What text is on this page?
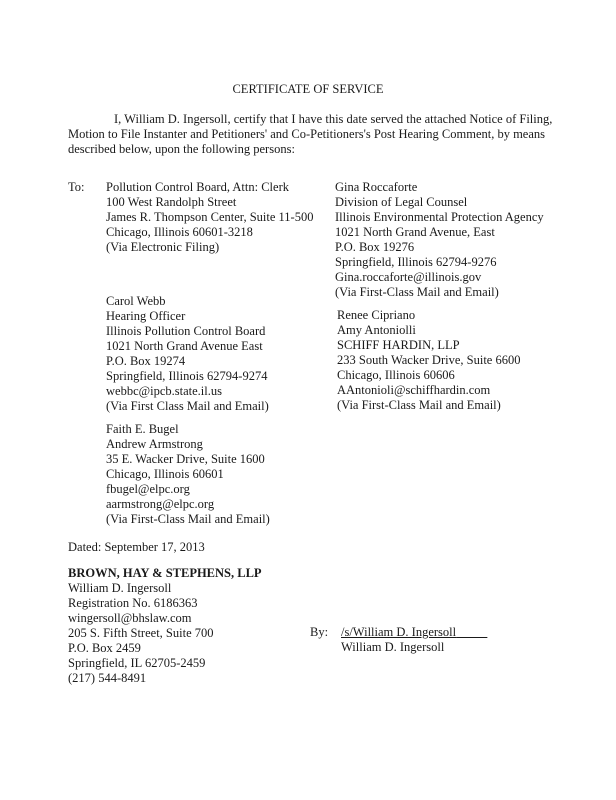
CERTIFICATE OF SERVICE
I, William D. Ingersoll, certify that I have this date served the attached Notice of Filing,
Motion to File Instanter and Petitioners' and Co-Petitioners's Post Hearing Comment, by means
described below, upon the following persons:
To: Pollution Control Board, Attn: Clerk
100 West Randolph Street
James R. Thompson Center, Suite 11-500
Chicago, Illinois 60601-3218
(Via Electronic Filing)
Gina Roccaforte
Division of Legal Counsel
Illinois Environmental Protection Agency
1021 North Grand Avenue, East
P.O. Box 19276
Springfield, Illinois 62794-9276
Gina.roccaforte@illinois.gov
(Via First-Class Mail and Email)
Carol Webb
Hearing Officer
Illinois Pollution Control Board
1021 North Grand Avenue East
P.O. Box 19274
Springfield, Illinois 62794-9274
webbc@ipcb.state.il.us
(Via First Class Mail and Email)
Renee Cipriano
Amy Antoniolli
SCHIFF HARDIN, LLP
233 South Wacker Drive, Suite 6600
Chicago, Illinois 60606
AAntonioli@schiffhardin.com
(Via First-Class Mail and Email)
Faith E. Bugel
Andrew Armstrong
35 E. Wacker Drive, Suite 1600
Chicago, Illinois 60601
fbugel@elpc.org
aarmstrong@elpc.org
(Via First-Class Mail and Email)
Dated: September 17, 2013
BROWN, HAY & STEPHENS, LLP
William D. Ingersoll
Registration No. 6186363
wingersoll@bhslaw.com
205 S. Fifth Street, Suite 700
P.O. Box 2459
Springfield, IL 62705-2459
(217) 544-8491
By: /s/William D. Ingersoll
William D. Ingersoll
